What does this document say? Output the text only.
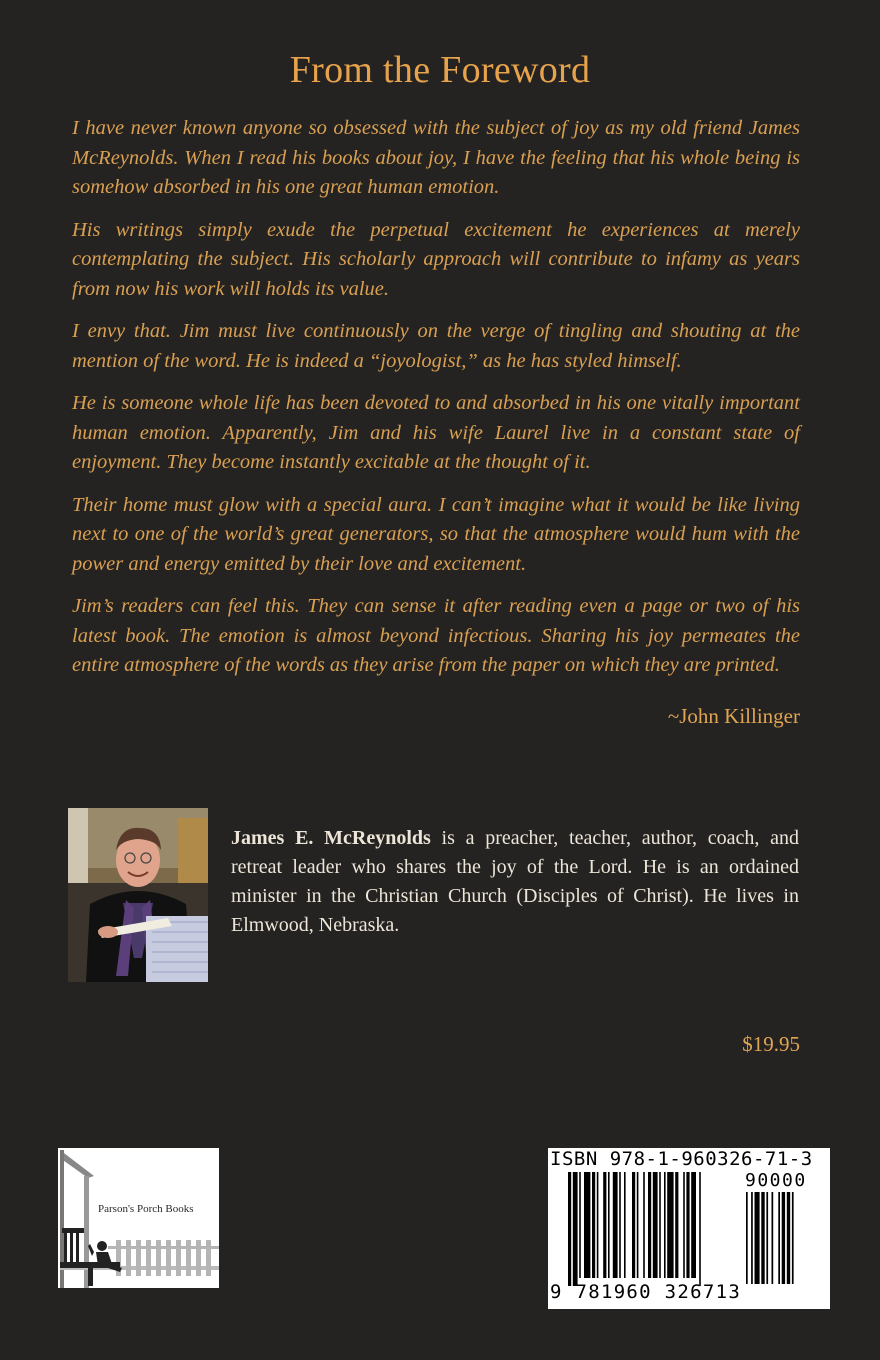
From the Foreword

I have never known anyone so obsessed with the subject of joy as my old friend James McReynolds. When I read his books about joy, I have the feeling that his whole being is somehow absorbed in his one great human emotion.

His writings simply exude the perpetual excitement he experiences at merely contemplating the subject. His scholarly approach will contribute to infamy as years from now his work will holds its value.

I envy that. Jim must live continuously on the verge of tingling and shouting at the mention of the word. He is indeed a “joyologist,” as he has styled himself.

He is someone whole life has been devoted to and absorbed in his one vitally important human emotion. Apparently, Jim and his wife Laurel live in a constant state of enjoyment. They become instantly excitable at the thought of it.

Their home must glow with a special aura. I can’t imagine what it would be like living next to one of the world’s great generators, so that the atmosphere would hum with the power and energy emitted by their love and excitement.

Jim’s readers can feel this. They can sense it after reading even a page or two of his latest book. The emotion is almost beyond infectious. Sharing his joy permeates the entire atmosphere of the words as they arise from the paper on which they are printed.

~John Killinger
James E. McReynolds is a preacher, teacher, author, coach, and retreat leader who shares the joy of the Lord. He is an ordained minister in the Christian Church (Disciples of Christ). He lives in Elmwood, Nebraska.
$19.95
Parson's Porch Books
ISBN 978-1-960326-71-3
90000
9 781960 326713
